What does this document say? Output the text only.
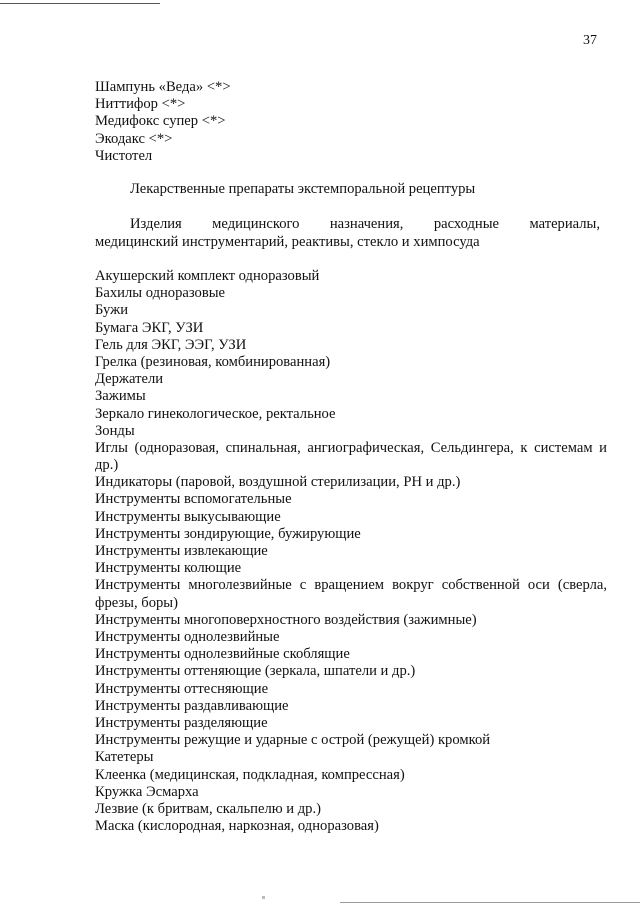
37
Шампунь «Веда» <*>
Ниттифор <*>
Медифокс супер <*>
Экодакс <*>
Чистотел
Лекарственные препараты экстемпоральной рецептуры
Изделия медицинского назначения, расходные материалы,
медицинский инструментарий, реактивы, стекло и химпосуда
Акушерский комплект одноразовый
Бахилы одноразовые
Бужи
Бумага ЭКГ, УЗИ
Гель для ЭКГ, ЭЭГ, УЗИ
Грелка (резиновая, комбинированная)
Держатели
Зажимы
Зеркало гинекологическое, ректальное
Зонды
Иглы (одноразовая, спинальная, ангиографическая, Сельдингера, к системам и др.)
Индикаторы (паровой, воздушной стерилизации, РН и др.)
Инструменты вспомогательные
Инструменты выкусывающие
Инструменты зондирующие, бужирующие
Инструменты извлекающие
Инструменты колющие
Инструменты многолезвийные с вращением вокруг собственной оси (сверла, фрезы, боры)
Инструменты многоповерхностного воздействия (зажимные)
Инструменты однолезвийные
Инструменты однолезвийные скоблящие
Инструменты оттеняющие (зеркала, шпатели и др.)
Инструменты оттесняющие
Инструменты раздавливающие
Инструменты разделяющие
Инструменты режущие и ударные с острой (режущей) кромкой
Катетеры
Клеенка (медицинская, подкладная, компрессная)
Кружка Эсмарха
Лезвие (к бритвам, скальпелю и др.)
Маска (кислородная, наркозная, одноразовая)
